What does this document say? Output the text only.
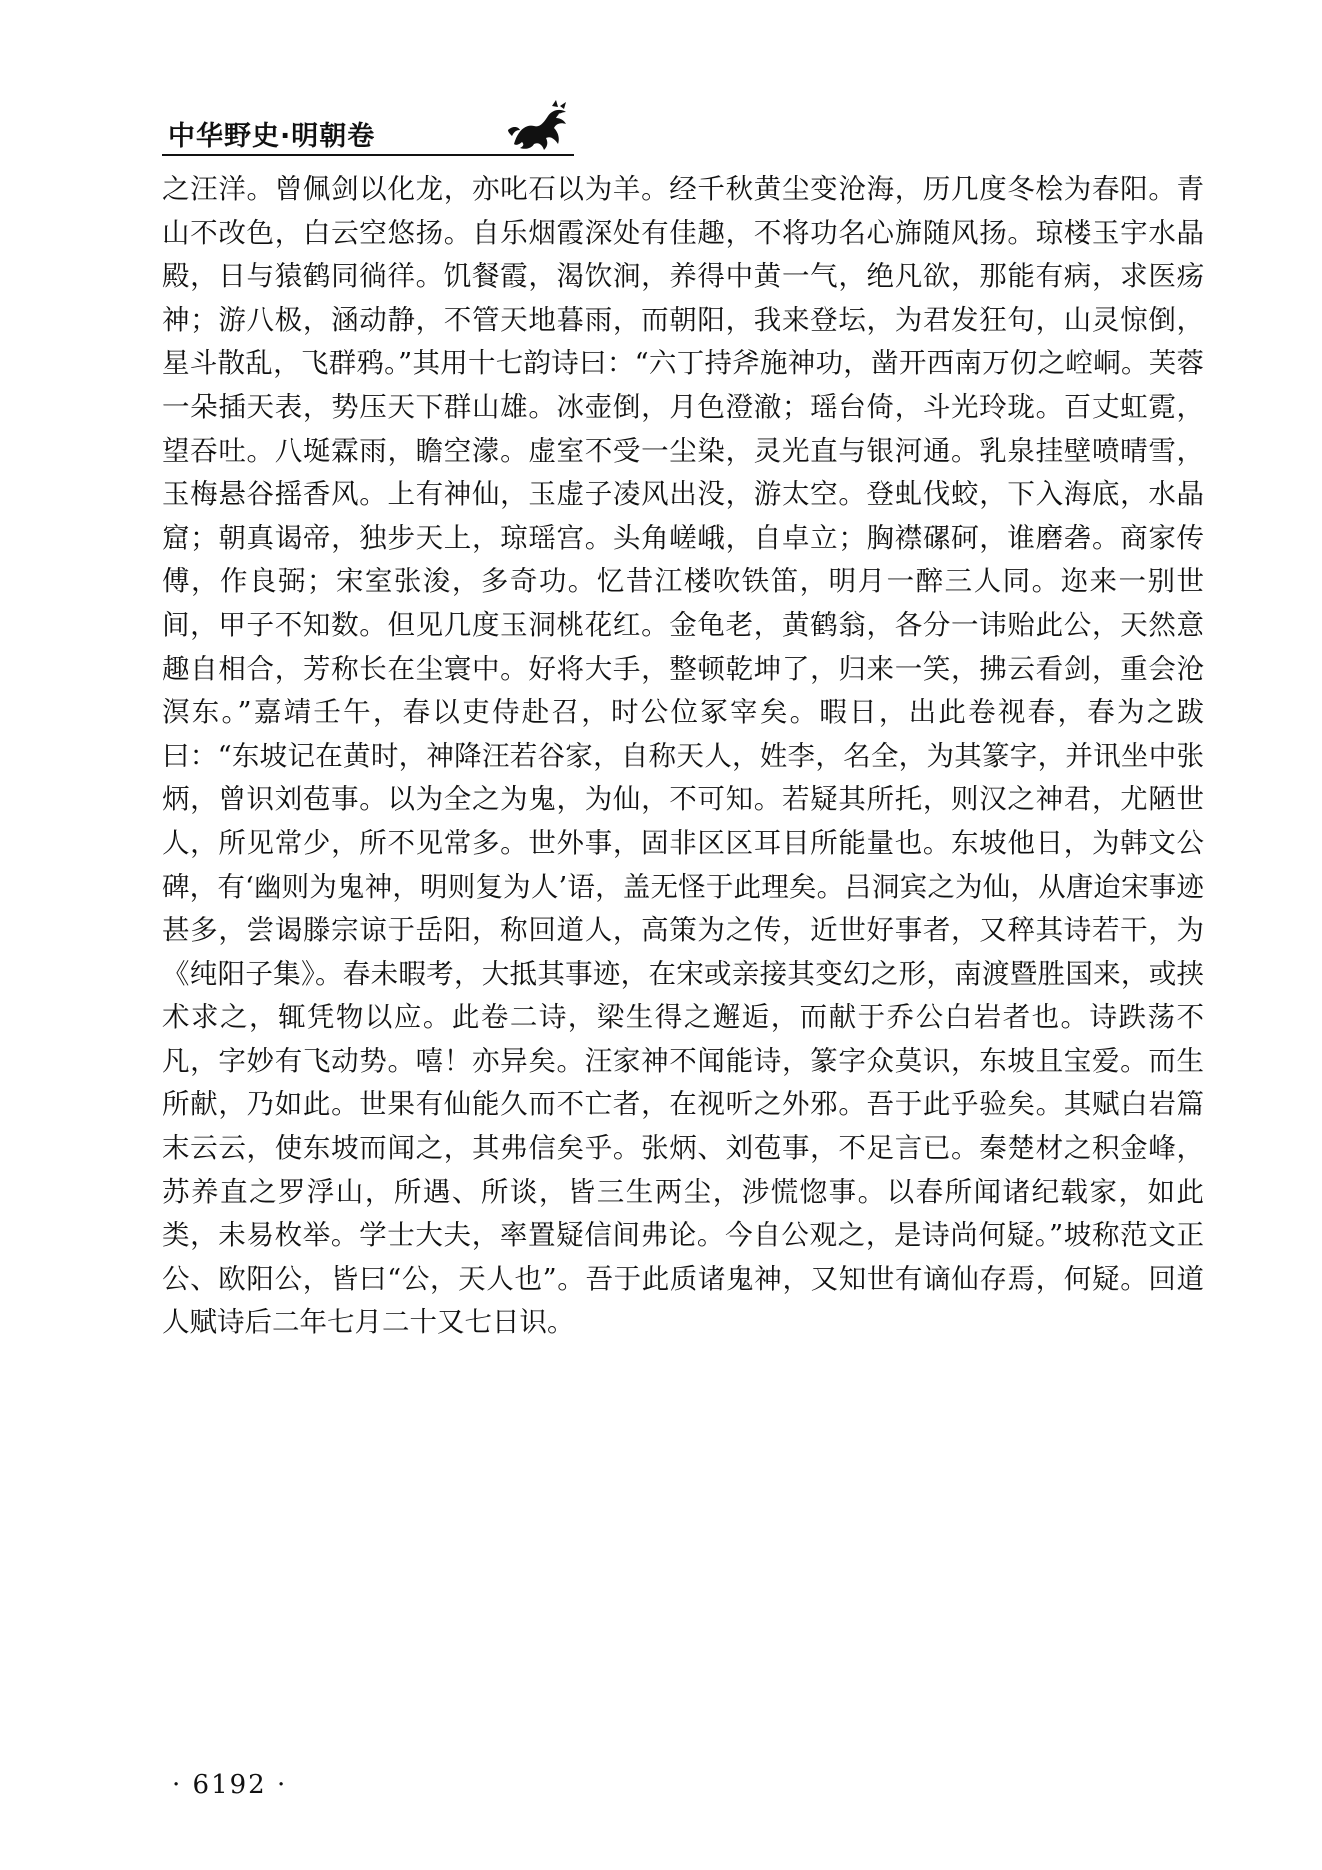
中华野史·明朝卷

之汪洋。曾佩剑以化龙，亦叱石以为羊。经千秋黄尘变沧海，历几度冬桧为春阳。青山不改色，白云空悠扬。自乐烟霞深处有佳趣，不将功名心旆随风扬。琼楼玉宇水晶殿，日与猿鹤同徜徉。饥餐霞，渴饮涧，养得中黄一气，绝凡欲，那能有病，求医疡神；游八极，涵动静，不管天地暮雨，而朝阳，我来登坛，为君发狂句，山灵惊倒，星斗散乱，飞群鸦。”其用十七韵诗曰：“六丁持斧施神功，凿开西南万仞之崆峒。芙蓉一朵插天表，势压天下群山雄。冰壶倒，月色澄澈；瑶台倚，斗光玲珑。百丈虹霓，望吞吐。八埏霖雨，瞻空濛。虚室不受一尘染，灵光直与银河通。乳泉挂壁喷晴雪，玉梅悬谷摇香风。上有神仙，玉虚子凌风出没，游太空。登虬伐蛟，下入海底，水晶窟；朝真谒帝，独步天上，琼瑶宫。头角嵯峨，自卓立；胸襟磥砢，谁磨砻。商家传傅，作良弼；宋室张浚，多奇功。忆昔江楼吹铁笛，明月一醉三人同。迩来一别世间，甲子不知数。但见几度玉洞桃花红。金龟老，黄鹤翁，各分一讳贻此公，天然意趣自相合，芳称长在尘寰中。好将大手，整顿乾坤了，归来一笑，拂云看剑，重会沧溟东。”嘉靖壬午，春以吏侍赴召，时公位冢宰矣。暇日，出此卷视春，春为之跋曰：“东坡记在黄时，神降汪若谷家，自称天人，姓李，名全，为其篆字，并讯坐中张炳，曾识刘苞事。以为全之为鬼，为仙，不可知。若疑其所托，则汉之神君，尤陋世人，所见常少，所不见常多。世外事，固非区区耳目所能量也。东坡他日，为韩文公碑，有‘幽则为鬼神，明则复为人’语，盖无怪于此理矣。吕洞宾之为仙，从唐迨宋事迹甚多，尝谒滕宗谅于岳阳，称回道人，高策为之传，近世好事者，又稡其诗若干，为《纯阳子集》。春未暇考，大抵其事迹，在宋或亲接其变幻之形，南渡暨胜国来，或挟术求之，辄凭物以应。此卷二诗，梁生得之邂逅，而献于乔公白岩者也。诗跌荡不凡，字妙有飞动势。嘻！亦异矣。汪家神不闻能诗，篆字众莫识，东坡且宝爱。而生所献，乃如此。世果有仙能久而不亡者，在视听之外邪。吾于此乎验矣。其赋白岩篇末云云，使东坡而闻之，其弗信矣乎。张炳、刘苞事，不足言已。秦楚材之积金峰，苏养直之罗浮山，所遇、所谈，皆三生两尘，涉慌惚事。以春所闻诸纪载家，如此类，未易枚举。学士大夫，率置疑信间弗论。今自公观之，是诗尚何疑。”坡称范文正公、欧阳公，皆曰“公，天人也”。吾于此质诸鬼神，又知世有谪仙存焉，何疑。回道人赋诗后二年七月二十又七日识。

· 6192 ·
